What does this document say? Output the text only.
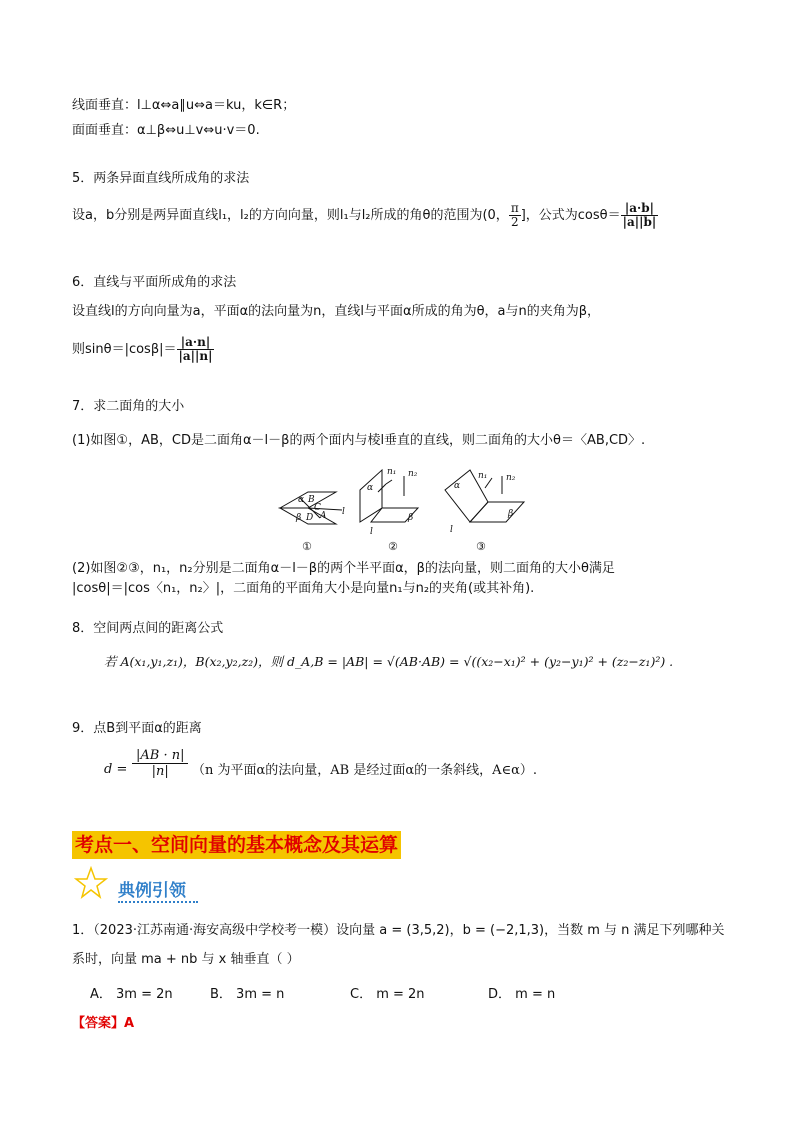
线面垂直：l⊥α⇔a∥u⇔a＝ku，k∈R；
面面垂直：α⊥β⇔u⊥v⇔u·v＝0.
5．两条异面直线所成角的求法
设a，b分别是两异面直线l₁，l₂的方向向量，则l₁与l₂所成的角θ的范围为(0， $\frac{\pi}{2}$ ]，公式为$\cos\theta= \frac{|a\cdot b|}{|a||b|}$
6．直线与平面所成角的求法
设直线l的方向向量为a，平面α的法向量为n，直线l与平面α所成的角为θ，a与n的夹角为β，
则$\sin\theta=|\cos\beta|= \frac{|a\cdot n|}{|a||n|}$
7．求二面角的大小
(1)如图①，AB，CD是二面角α－l－β的两个面内与棱l垂直的直线，则二面角的大小θ＝〈AB,CD〉.
α B
C
β D A l
α
n₁ n₂
l
β
α
n₁ n₂
l
β
①	②	③
(2)如图②③，n₁，n₂分别是二面角α－l－β的两个半平面α，β的法向量，则二面角的大小θ满足
|cosθ|＝|cos〈n₁，n₂〉|，二面角的平面角大小是向量n₁与n₂的夹角(或其补角).
8．空间两点间的距离公式
若 A(x₁,y₁,z₁)，B(x₂,y₂,z₂)，则 d_A,B = |AB| = √(AB·AB) = √((x₂−x₁)² + (y₂−y₁)² + (z₂−z₁)²) .
9．点B到平面α的距离
$d = \frac{|AB \cdot n|}{|n|} (n$ 为平面α的法向量，AB 是经过面α的一条斜线，A∈α）.
考点一、空间向量的基本概念及其运算
典例引领
1．（2023·江苏南通·海安高级中学校考一模）设向量 a = (3,5,2)，b = (−2,1,3)，当数 m 与 n 满足下列哪种关
系时，向量 ma + nb 与 x 轴垂直（ ）
A． 3m = 2n	B． 3m = n	C． m = 2n	D． m = n
【答案】A
